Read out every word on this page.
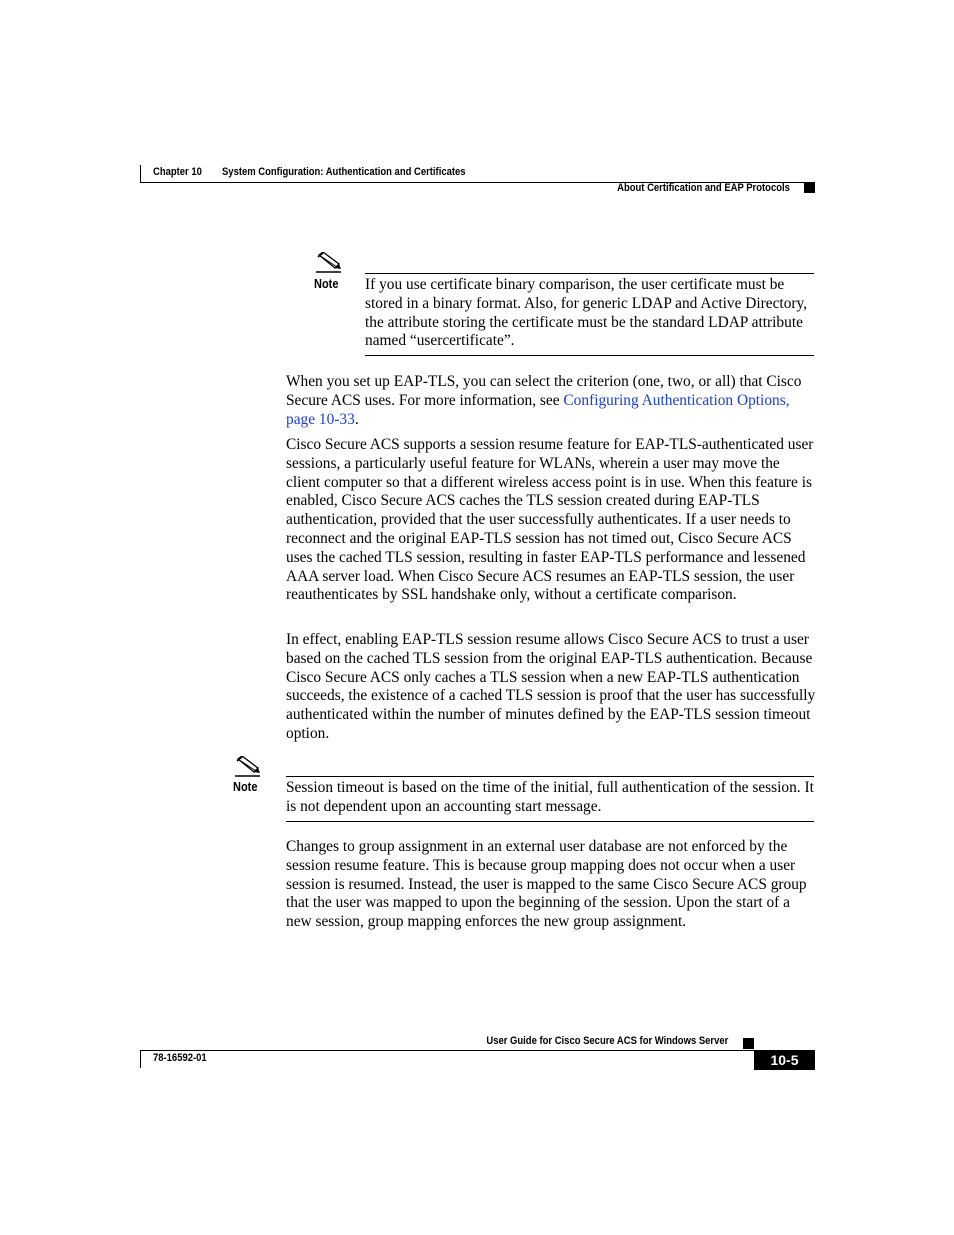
Chapter 10 System Configuration: Authentication and Certificates
About Certification and EAP Protocols
Note If you use certificate binary comparison, the user certificate must be stored in a binary format. Also, for generic LDAP and Active Directory, the attribute storing the certificate must be the standard LDAP attribute named “usercertificate”.

When you set up EAP-TLS, you can select the criterion (one, two, or all) that Cisco Secure ACS uses. For more information, see Configuring Authentication Options, page 10-33.

Cisco Secure ACS supports a session resume feature for EAP-TLS-authenticated user sessions, a particularly useful feature for WLANs, wherein a user may move the client computer so that a different wireless access point is in use. When this feature is enabled, Cisco Secure ACS caches the TLS session created during EAP-TLS authentication, provided that the user successfully authenticates. If a user needs to reconnect and the original EAP-TLS session has not timed out, Cisco Secure ACS uses the cached TLS session, resulting in faster EAP-TLS performance and lessened AAA server load. When Cisco Secure ACS resumes an EAP-TLS session, the user reauthenticates by SSL handshake only, without a certificate comparison.

In effect, enabling EAP-TLS session resume allows Cisco Secure ACS to trust a user based on the cached TLS session from the original EAP-TLS authentication. Because Cisco Secure ACS only caches a TLS session when a new EAP-TLS authentication succeeds, the existence of a cached TLS session is proof that the user has successfully authenticated within the number of minutes defined by the EAP-TLS session timeout option.

Note Session timeout is based on the time of the initial, full authentication of the session. It is not dependent upon an accounting start message.

Changes to group assignment in an external user database are not enforced by the session resume feature. This is because group mapping does not occur when a user session is resumed. Instead, the user is mapped to the same Cisco Secure ACS group that the user was mapped to upon the beginning of the session. Upon the start of a new session, group mapping enforces the new group assignment.

User Guide for Cisco Secure ACS for Windows Server
78-16592-01	10-5
